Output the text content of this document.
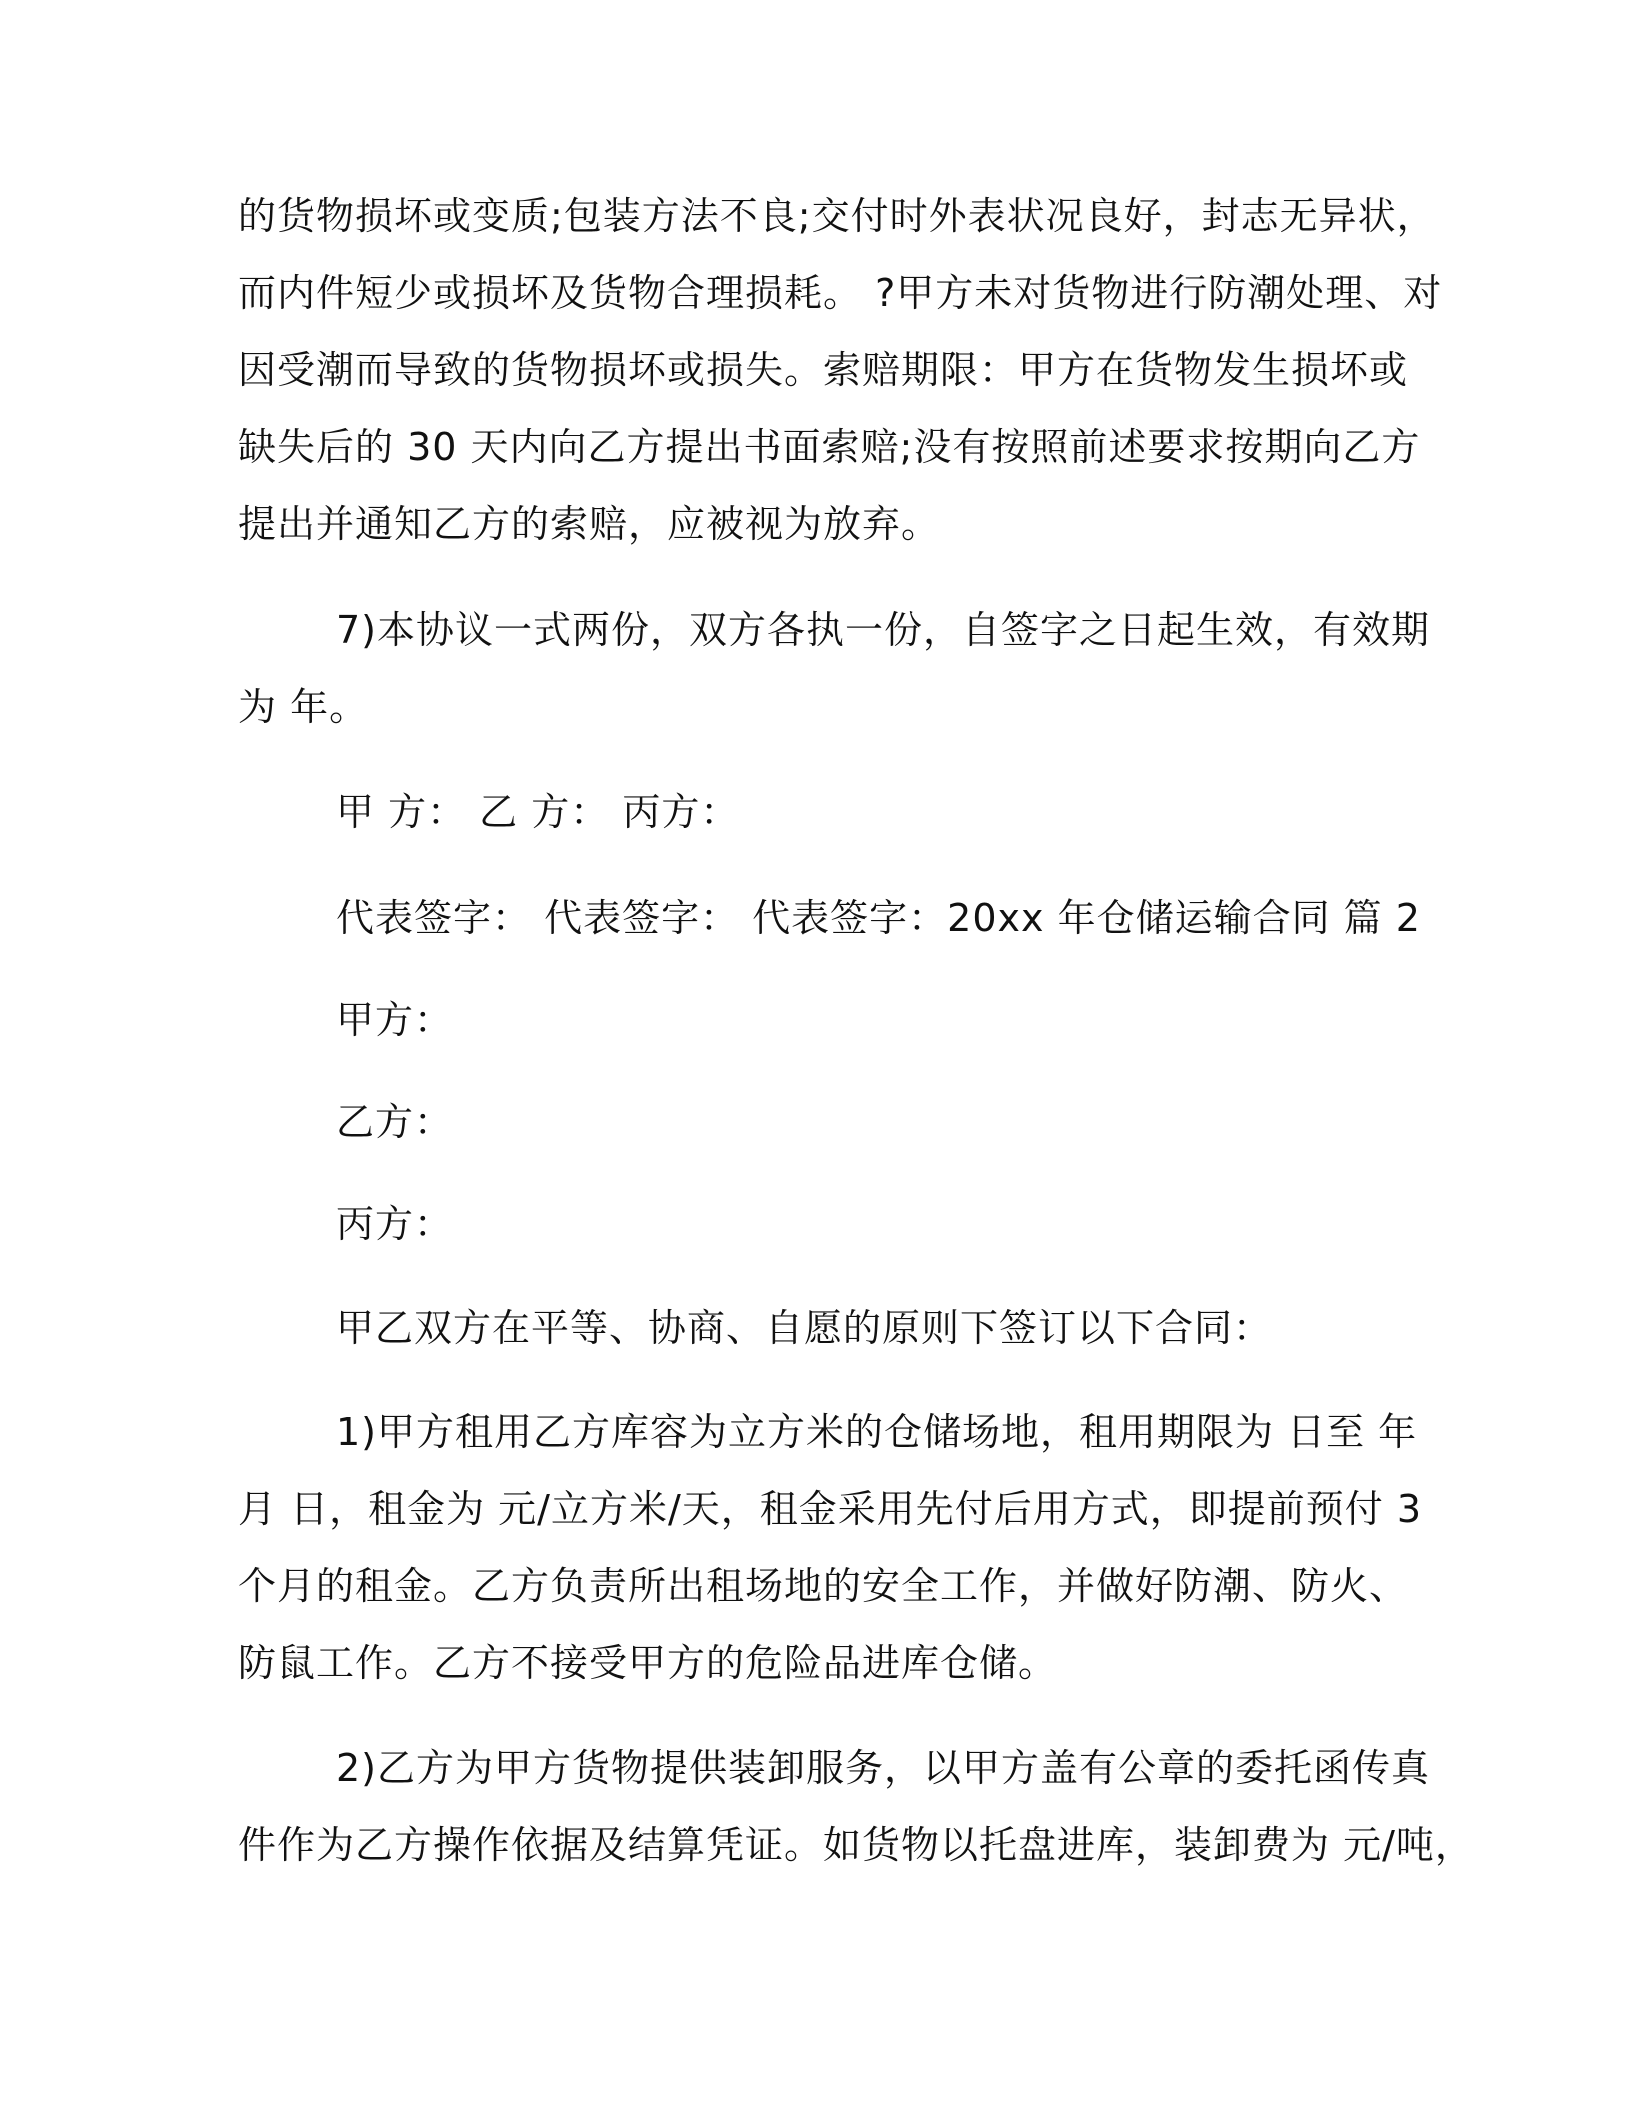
的货物损坏或变质;包装方法不良;交付时外表状况良好，封志无异状，
而内件短少或损坏及货物合理损耗。 ?甲方未对货物进行防潮处理、对
因受潮而导致的货物损坏或损失。索赔期限：甲方在货物发生损坏或
缺失后的 30 天内向乙方提出书面索赔;没有按照前述要求按期向乙方
提出并通知乙方的索赔，应被视为放弃。
7)本协议一式两份，双方各执一份，自签字之日起生效，有效期
为 年。
甲 方： 乙 方： 丙方：
代表签字： 代表签字： 代表签字：20xx 年仓储运输合同 篇 2
甲方：
乙方：
丙方：
甲乙双方在平等、协商、自愿的原则下签订以下合同：
1)甲方租用乙方库容为立方米的仓储场地，租用期限为 日至 年
月 日，租金为 元/立方米/天，租金采用先付后用方式，即提前预付 3
个月的租金。乙方负责所出租场地的安全工作，并做好防潮、防火、
防鼠工作。乙方不接受甲方的危险品进库仓储。
2)乙方为甲方货物提供装卸服务，以甲方盖有公章的委托函传真
件作为乙方操作依据及结算凭证。如货物以托盘进库，装卸费为 元/吨，
